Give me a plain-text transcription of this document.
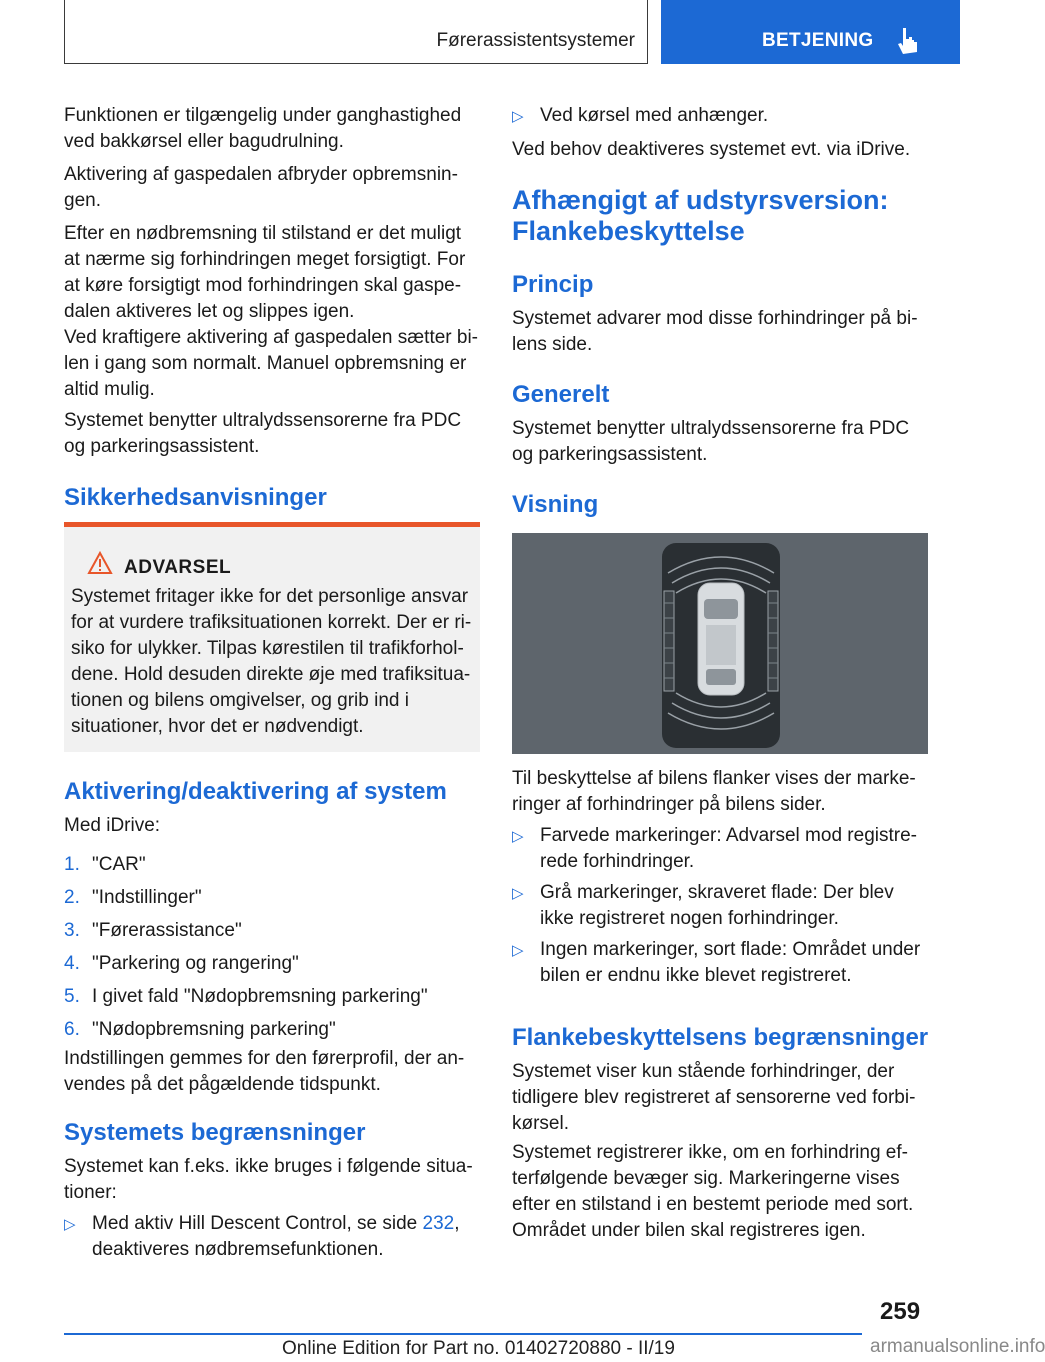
Førerassistentsystemer	BETJENING

Funktionen er tilgængelig under ganghastighed ved bakkørsel eller bagudrulning.

Aktivering af gaspedalen afbryder opbremsnin-gen.

Efter en nødbremsning til stilstand er det muligt at nærme sig forhindringen meget forsigtigt. For at køre forsigtigt mod forhindringen skal gaspe-dalen aktiveres let og slippes igen.

Ved kraftigere aktivering af gaspedalen sætter bi-len i gang som normalt. Manuel opbremsning er altid mulig.

Systemet benytter ultralydssensorerne fra PDC og parkeringsassistent.

Sikkerhedsanvisninger
ADVARSEL
Systemet fritager ikke for det personlige ansvar for at vurdere trafiksituationen korrekt. Der er ri-siko for ulykker. Tilpas kørestilen til trafikforhol-dene. Hold desuden direkte øje med trafiksitua-tionen og bilens omgivelser, og grib ind i situationer, hvor det er nødvendigt.
Aktivering/deaktivering af system

Med iDrive:

1. "CAR"

2. "Indstillinger"

3. "Førerassistance"

4. "Parkering og rangering"

5. I givet fald "Nødopbremsning parkering"

6. "Nødopbremsning parkering"

Indstillingen gemmes for den førerprofil, der an-vendes på det pågældende tidspunkt.

Systemets begrænsninger

Systemet kan f.eks. ikke bruges i følgende situa-tioner:

▷ Med aktiv Hill Descent Control, se side 232, deaktiveres nødbremsefunktionen.
▷ Ved kørsel med anhænger.

Ved behov deaktiveres systemet evt. via iDrive.

Afhængigt af udstyrsversion:
Flankebeskyttelse
Princip

Systemet advarer mod disse forhindringer på bi-lens side.

Generelt

Systemet benytter ultralydssensorerne fra PDC og parkeringsassistent.

Visning

Til beskyttelse af bilens flanker vises der marke-ringer af forhindringer på bilens sider.

▷ Farvede markeringer: Advarsel mod registre-rede forhindringer.
▷ Grå markeringer, skraveret flade: Der blev ikke registreret nogen forhindringer.
▷ Ingen markeringer, sort flade: Området under bilen er endnu ikke blevet registreret.
Flankebeskyttelsens begrænsninger

Systemet viser kun stående forhindringer, der tidligere blev registreret af sensorerne ved forbi-kørsel.

Systemet registrerer ikke, om en forhindring ef-terfølgende bevæger sig. Markeringerne vises efter en stilstand i en bestemt periode med sort. Området under bilen skal registreres igen.

259
Online Edition for Part no. 01402720880 - II/19	armanualsonline.info
